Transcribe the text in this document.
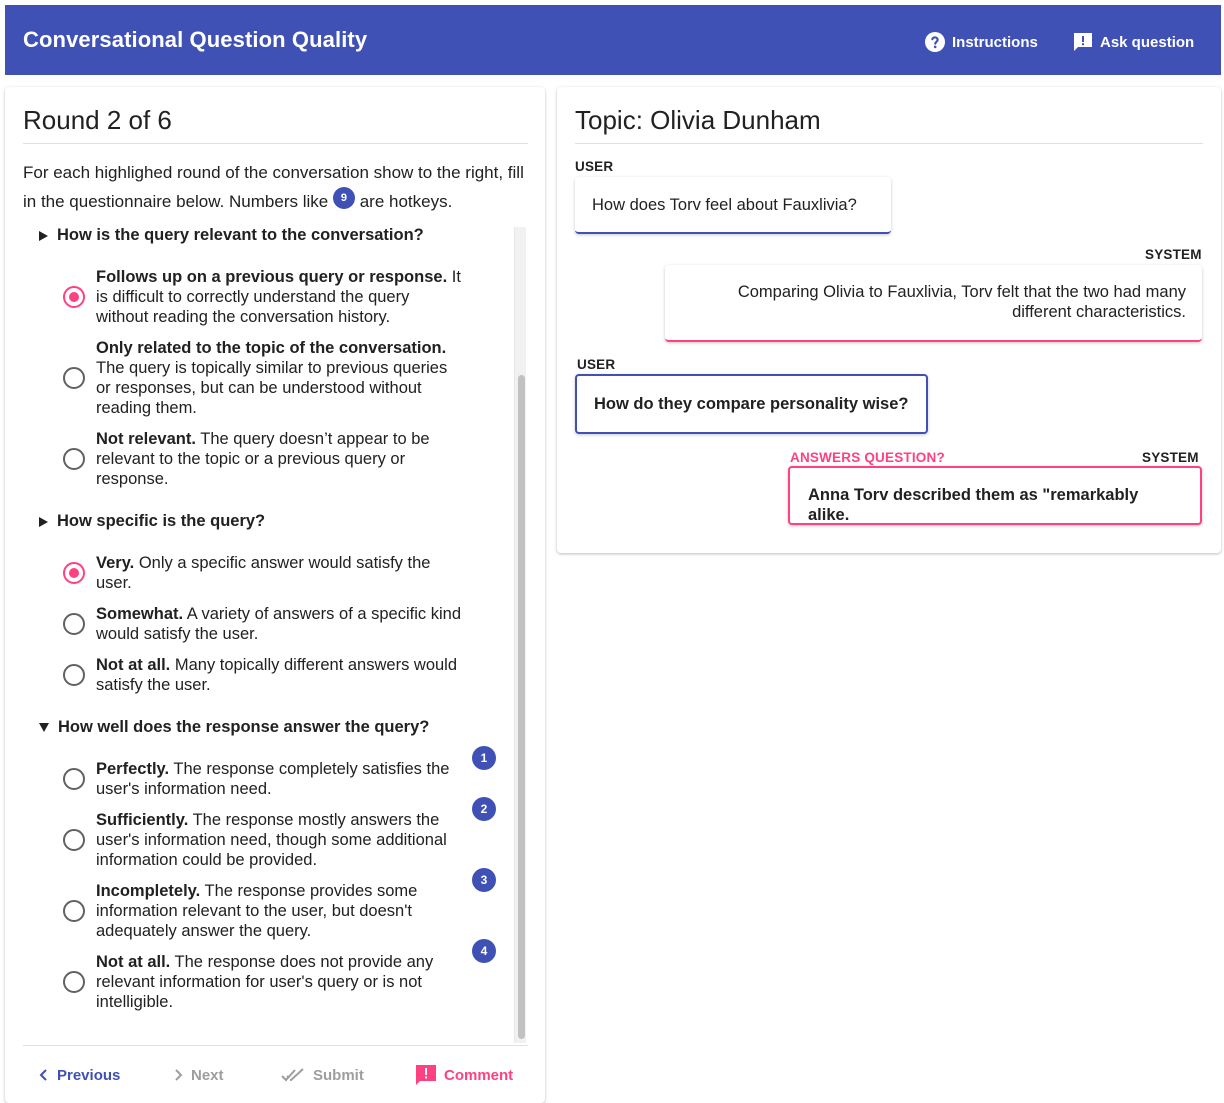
Conversational Question Quality	Instructions	Ask question
Round 2 of 6
For each highlighed round of the conversation show to the right, fill in the questionnaire below. Numbers like 9 are hotkeys.
How is the query relevant to the conversation?
Follows up on a previous query or response. It is difficult to correctly understand the query without reading the conversation history.
Only related to the topic of the conversation. The query is topically similar to previous queries or responses, but can be understood without reading them.
Not relevant. The query doesn’t appear to be relevant to the topic or a previous query or response.
How specific is the query?
Very. Only a specific answer would satisfy the user.
Somewhat. A variety of answers of a specific kind would satisfy the user.
Not at all. Many topically different answers would satisfy the user.
How well does the response answer the query?
Perfectly. The response completely satisfies the user's information need.
Sufficiently. The response mostly answers the user's information need, though some additional information could be provided.
Incompletely. The response provides some information relevant to the user, but doesn't adequately answer the query.
Not at all. The response does not provide any relevant information for user's query or is not intelligible.
1
2
3
4
Previous	Next	Submit	Comment
Topic: Olivia Dunham
USER
How does Torv feel about Fauxlivia?
SYSTEM
Comparing Olivia to Fauxlivia, Torv felt that the two had many different characteristics.
USER
How do they compare personality wise?
ANSWERS QUESTION?	SYSTEM
Anna Torv described them as "remarkably alike.
